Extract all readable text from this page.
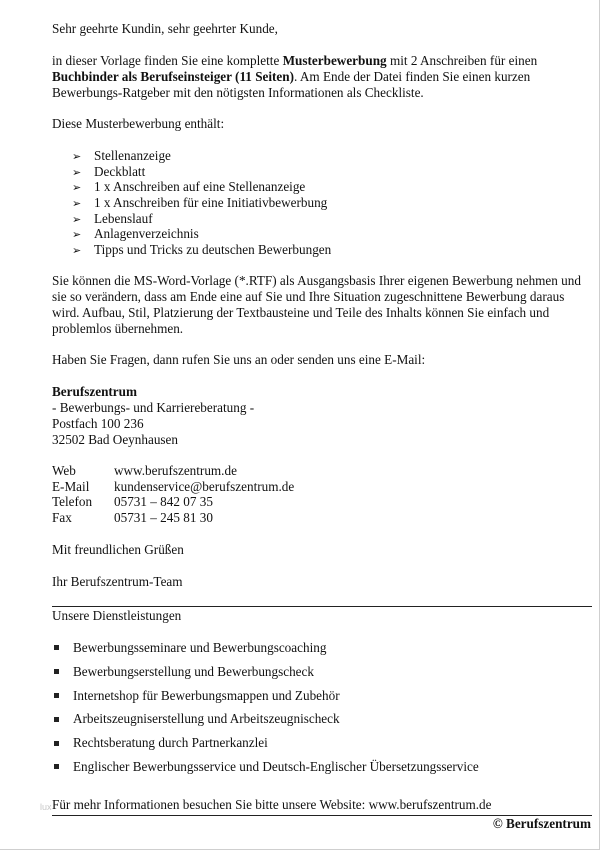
Sehr geehrte Kundin, sehr geehrter Kunde,

in dieser Vorlage finden Sie eine komplette Musterbewerbung mit 2 Anschreiben für einen Buchbinder als Berufseinsteiger (11 Seiten). Am Ende der Datei finden Sie einen kurzen Bewerbungs-Ratgeber mit den nötigsten Informationen als Checkliste.

Diese Musterbewerbung enthält:

➢ Stellenanzeige
➢ Deckblatt
➢ 1 x Anschreiben auf eine Stellenanzeige
➢ 1 x Anschreiben für eine Initiativbewerbung
➢ Lebenslauf
➢ Anlagenverzeichnis
➢ Tipps und Tricks zu deutschen Bewerbungen

Sie können die MS-Word-Vorlage (*.RTF) als Ausgangsbasis Ihrer eigenen Bewerbung nehmen und sie so verändern, dass am Ende eine auf Sie und Ihre Situation zugeschnittene Bewerbung daraus wird. Aufbau, Stil, Platzierung der Textbausteine und Teile des Inhalts können Sie einfach und problemlos übernehmen.

Haben Sie Fragen, dann rufen Sie uns an oder senden uns eine E-Mail:

Berufszentrum

- Bewerbungs- und Karriereberatung -

Postfach 100 236

32502 Bad Oeynhausen

Web	www.berufszentrum.de
E-Mail	kundenservice@berufszentrum.de
Telefon	05731 – 842 07 35
Fax	05731 – 245 81 30

Mit freundlichen Grüßen

Ihr Berufszentrum-Team

Unsere Dienstleistungen

Bewerbungsseminare und Bewerbungscoaching
Bewerbungserstellung und Bewerbungscheck
Internetshop für Bewerbungsmappen und Zubehör
Arbeitszeugniserstellung und Arbeitszeugnischeck
Rechtsberatung durch Partnerkanzlei
Englischer Bewerbungsservice und Deutsch-Englischer Übersetzungsservice
lux Für mehr Informationen besuchen Sie bitte unsere Website: www.berufszentrum.de

© Berufszentrum
